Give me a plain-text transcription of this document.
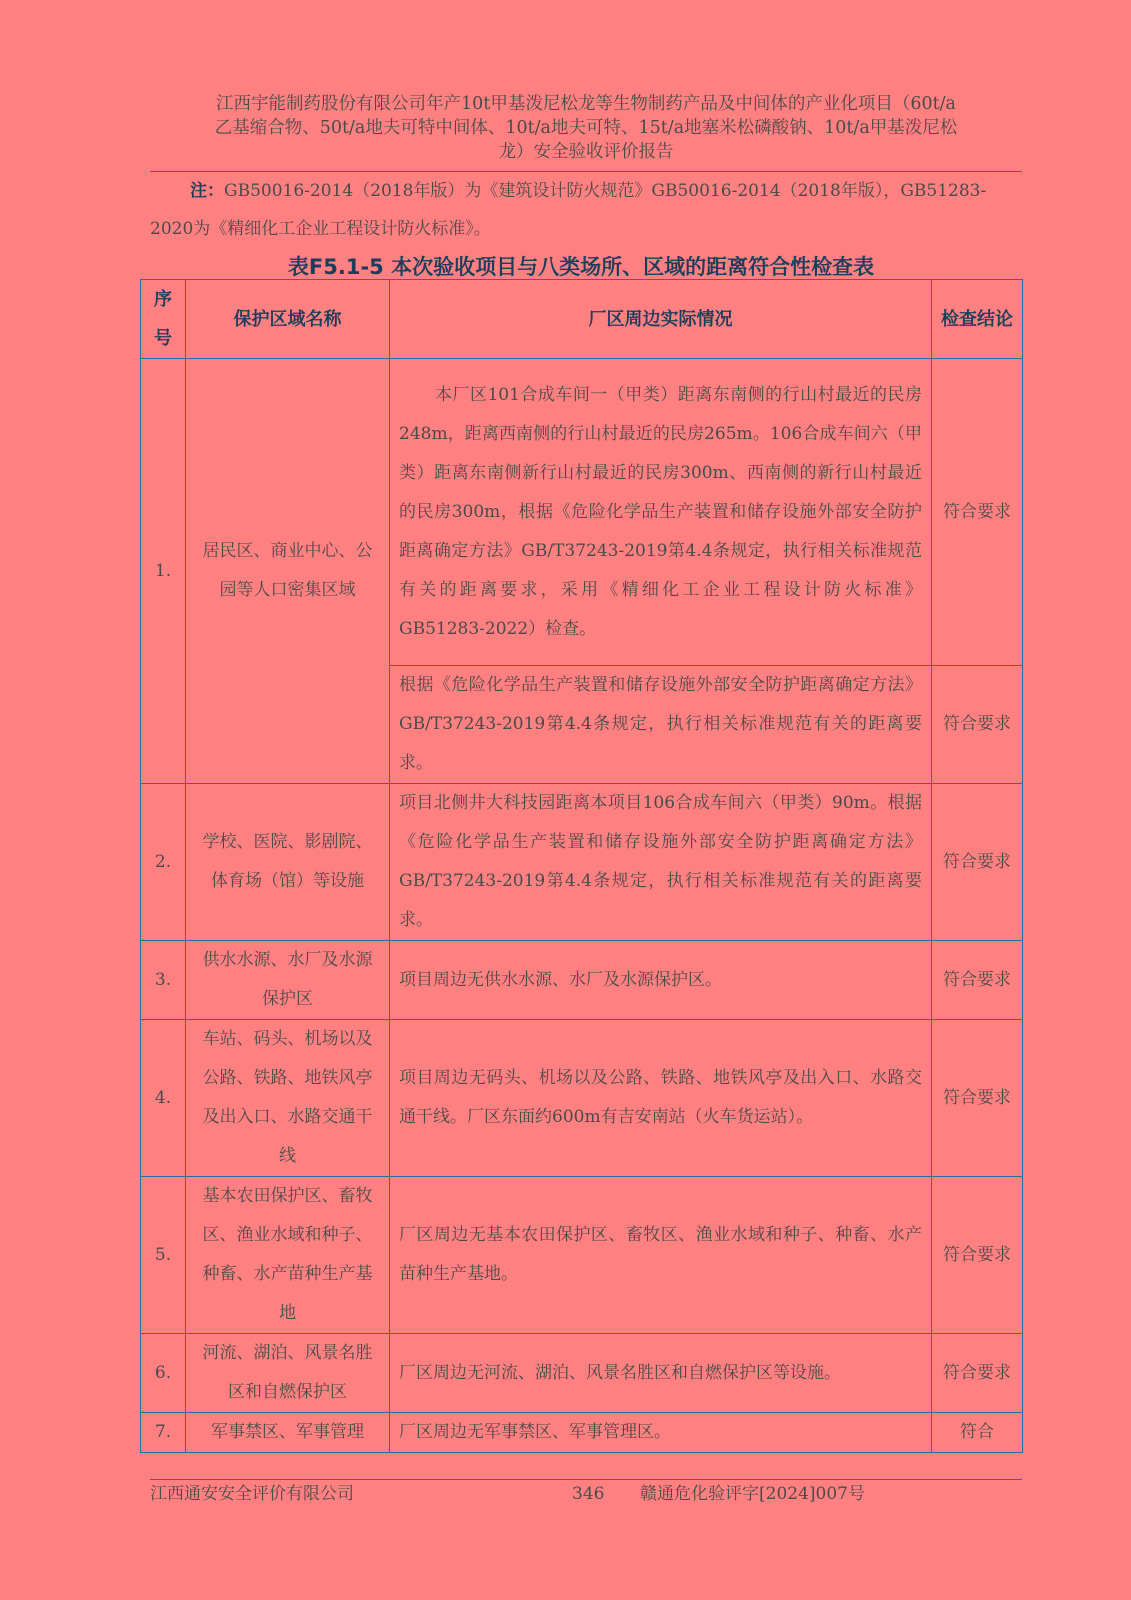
江西宇能制药股份有限公司年产10t甲基泼尼松龙等生物制药产品及中间体的产业化项目（60t/a
乙基缩合物、50t/a地夫可特中间体、10t/a地夫可特、15t/a地塞米松磷酸钠、10t/a甲基泼尼松
龙）安全验收评价报告
注：GB50016-2014（2018年版）为《建筑设计防火规范》GB50016-2014（2018年版），GB51283-2020为《精细化工企业工程设计防火标准》。
表F5.1-5 本次验收项目与八类场所、区域的距离符合性检查表
序号	保护区域名称	厂区周边实际情况	检查结论
1.	居民区、商业中心、公园等人口密集区域	本厂区101合成车间一（甲类）距离东南侧的行山村最近的民房248m，距离西南侧的行山村最近的民房265m。106合成车间六（甲类）距离东南侧新行山村最近的民房300m、西南侧的新行山村最近的民房300m，根据《危险化学品生产装置和储存设施外部安全防护距离确定方法》GB/T37243-2019第4.4条规定，执行相关标准规范有关的距离要求，采用《精细化工企业工程设计防火标准》GB51283-2022）检查。	符合要求
		根据《危险化学品生产装置和储存设施外部安全防护距离确定方法》GB/T37243-2019第4.4条规定，执行相关标准规范有关的距离要求。	符合要求
2.	学校、医院、影剧院、体育场（馆）等设施	项目北侧井大科技园距离本项目106合成车间六（甲类）90m。根据《危险化学品生产装置和储存设施外部安全防护距离确定方法》GB/T37243-2019第4.4条规定，执行相关标准规范有关的距离要求。	符合要求
3.	供水水源、水厂及水源保护区	项目周边无供水水源、水厂及水源保护区。	符合要求
4.	车站、码头、机场以及公路、铁路、地铁风亭及出入口、水路交通干线	项目周边无码头、机场以及公路、铁路、地铁风亭及出入口、水路交通干线。厂区东面约600m有吉安南站（火车货运站）。	符合要求
5.	基本农田保护区、畜牧区、渔业水域和种子、种畜、水产苗种生产基地	厂区周边无基本农田保护区、畜牧区、渔业水域和种子、种畜、水产苗种生产基地。	符合要求
6.	河流、湖泊、风景名胜区和自燃保护区	厂区周边无河流、湖泊、风景名胜区和自燃保护区等设施。	符合要求
7.	军事禁区、军事管理	厂区周边无军事禁区、军事管理区。	符合
江西通安安全评价有限公司	346 赣通危化验评字[2024]007号
